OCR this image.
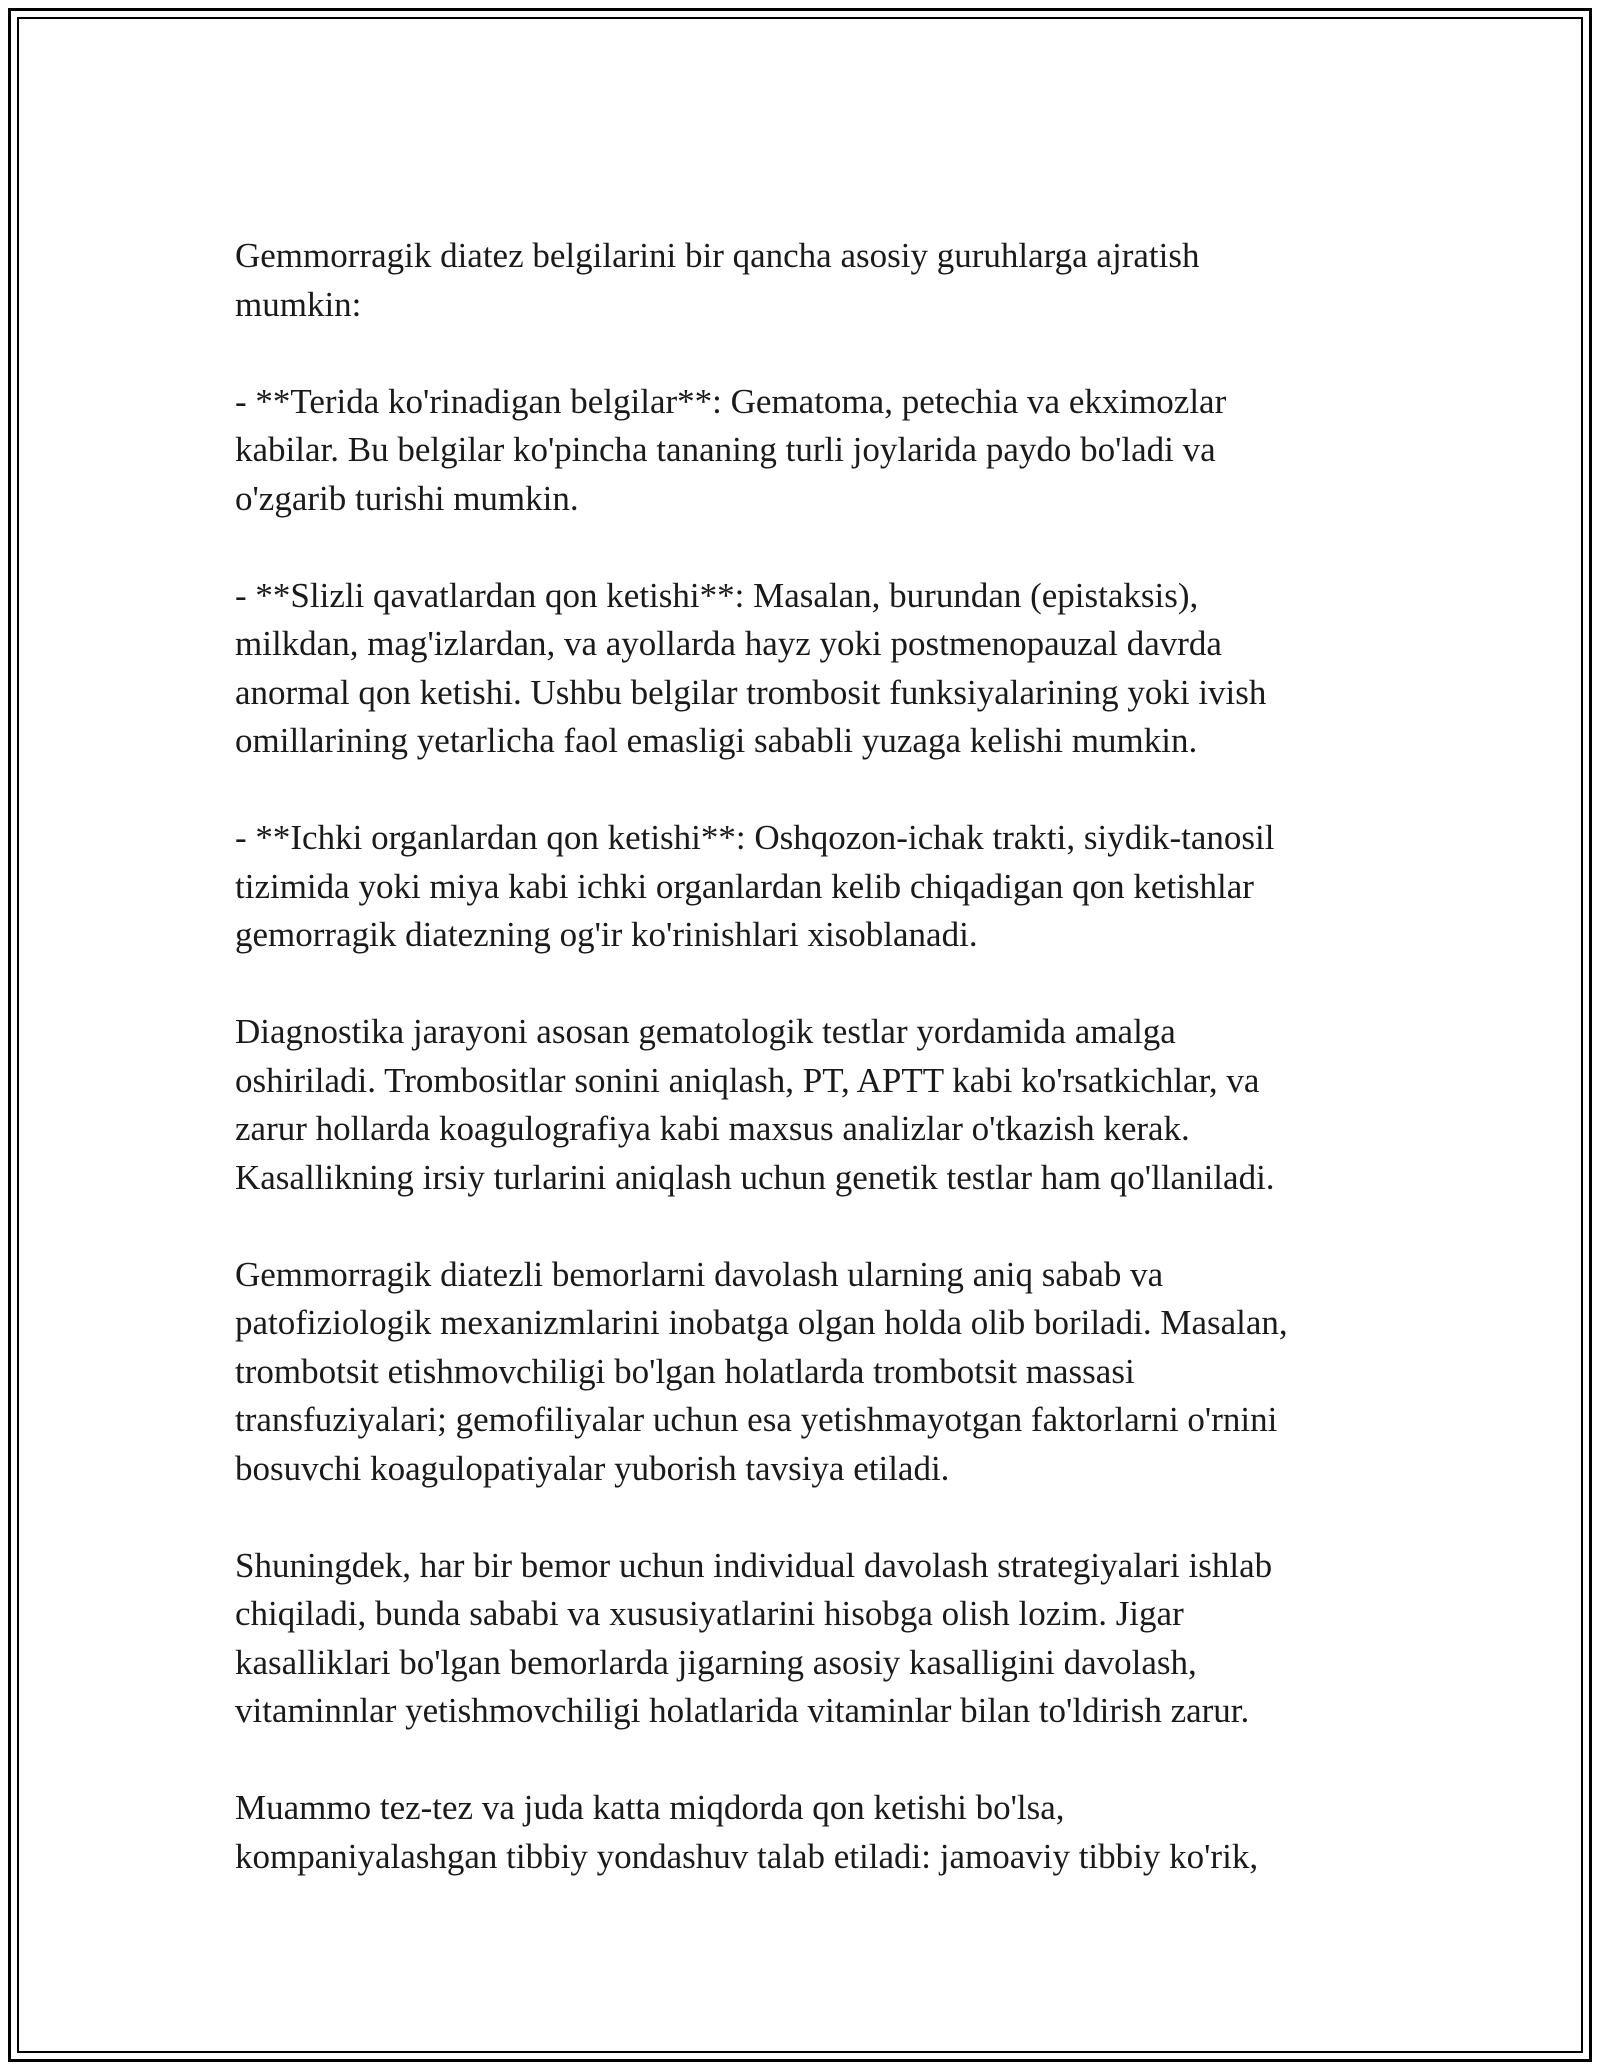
Gemmorragik diatez belgilarini bir qancha asosiy guruhlarga ajratish
mumkin:

- **Terida ko'rinadigan belgilar**: Gematoma, petechia va ekximozlar
kabilar. Bu belgilar ko'pincha tananing turli joylarida paydo bo'ladi va
o'zgarib turishi mumkin.

- **Slizli qavatlardan qon ketishi**: Masalan, burundan (epistaksis),
milkdan, mag'izlardan, va ayollarda hayz yoki postmenopauzal davrda
anormal qon ketishi. Ushbu belgilar trombosit funksiyalarining yoki ivish
omillarining yetarlicha faol emasligi sababli yuzaga kelishi mumkin.

- **Ichki organlardan qon ketishi**: Oshqozon-ichak trakti, siydik-tanosil
tizimida yoki miya kabi ichki organlardan kelib chiqadigan qon ketishlar
gemorragik diatezning og'ir ko'rinishlari xisoblanadi.

Diagnostika jarayoni asosan gematologik testlar yordamida amalga
oshiriladi. Trombositlar sonini aniqlash, PT, APTT kabi ko'rsatkichlar, va
zarur hollarda koagulografiya kabi maxsus analizlar o'tkazish kerak.
Kasallikning irsiy turlarini aniqlash uchun genetik testlar ham qo'llaniladi.

Gemmorragik diatezli bemorlarni davolash ularning aniq sabab va
patofiziologik mexanizmlarini inobatga olgan holda olib boriladi. Masalan,
trombotsit etishmovchiligi bo'lgan holatlarda trombotsit massasi
transfuziyalari; gemofiliyalar uchun esa yetishmayotgan faktorlarni o'rnini
bosuvchi koagulopatiyalar yuborish tavsiya etiladi.

Shuningdek, har bir bemor uchun individual davolash strategiyalari ishlab
chiqiladi, bunda sababi va xususiyatlarini hisobga olish lozim. Jigar
kasalliklari bo'lgan bemorlarda jigarning asosiy kasalligini davolash,
vitaminnlar yetishmovchiligi holatlarida vitaminlar bilan to'ldirish zarur.

Muammo tez-tez va juda katta miqdorda qon ketishi bo'lsa,
kompaniyalashgan tibbiy yondashuv talab etiladi: jamoaviy tibbiy ko'rik,
